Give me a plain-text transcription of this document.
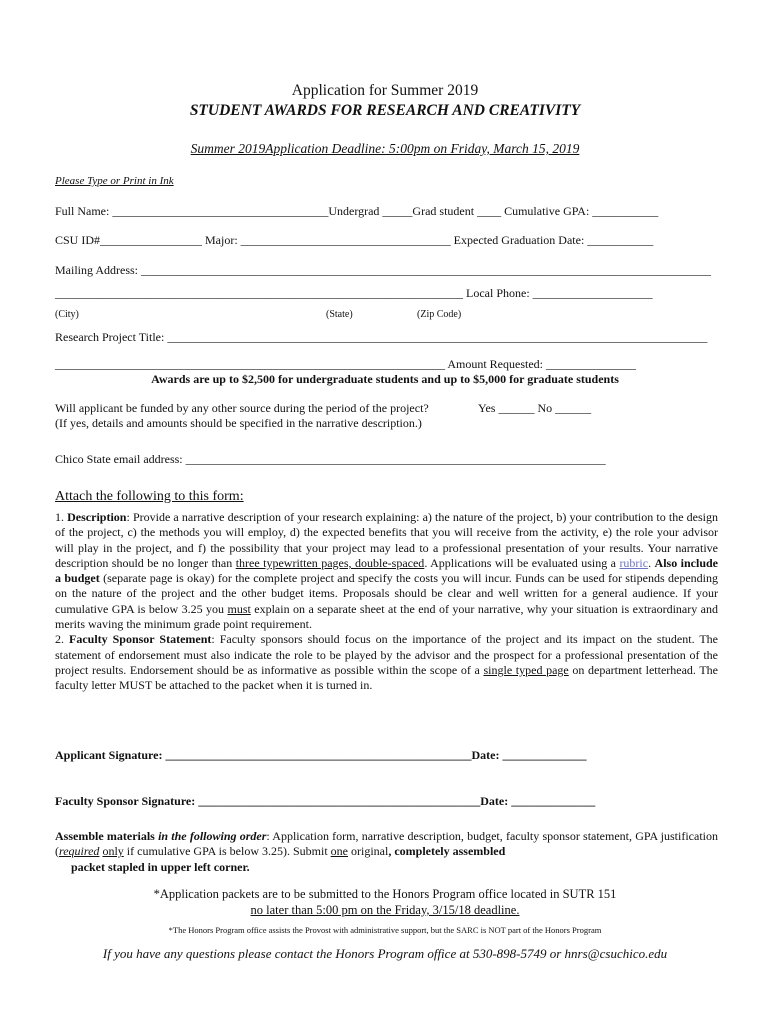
Application for Summer 2019
STUDENT AWARDS FOR RESEARCH AND CREATIVITY
Summer 2019Application Deadline: 5:00pm on Friday, March 15, 2019
Please Type or Print in Ink
Full Name: ____________________________________Undergrad _____Grad student ____ Cumulative GPA: ___________
CSU ID#_________________ Major: ___________________________________ Expected Graduation Date: ___________
Mailing Address: _______________________________________________________________________________________________
____________________________________________________________________ Local Phone: ____________________
(City)	(State)	(Zip Code)
Research Project Title: __________________________________________________________________________________________
_________________________________________________________________ Amount Requested: _______________
Awards are up to $2,500 for undergraduate students and up to $5,000 for graduate students
Will applicant be funded by any other source during the period of the project?	Yes ______ No ______
(If yes, details and amounts should be specified in the narrative description.)
Chico State email address: ______________________________________________________________________
Attach the following to this form:

1. Description: Provide a narrative description of your research explaining: a) the nature of the project, b) your contribution to the design of the project, c) the methods you will employ, d) the expected benefits that you will receive from the activity, e) the role your advisor will play in the project, and f) the possibility that your project may lead to a professional presentation of your results. Your narrative description should be no longer than three typewritten pages, double-spaced. Applications will be evaluated using a rubric. Also include a budget (separate page is okay) for the complete project and specify the costs you will incur. Funds can be used for stipends depending on the nature of the project and the other budget items. Proposals should be clear and well written for a general audience. If your cumulative GPA is below 3.25 you must explain on a separate sheet at the end of your narrative, why your situation is extraordinary and merits waving the minimum grade point requirement.

2. Faculty Sponsor Statement: Faculty sponsors should focus on the importance of the project and its impact on the student. The statement of endorsement must also indicate the role to be played by the advisor and the prospect for a professional presentation of the project results. Endorsement should be as informative as possible within the scope of a single typed page on department letterhead. The faculty letter MUST be attached to the packet when it is turned in.

Applicant Signature: ___________________________________________________Date: ______________
Faculty Sponsor Signature: _______________________________________________Date: ______________

Assemble materials in the following order: Application form, narrative description, budget, faculty sponsor statement, GPA justification (required only if cumulative GPA is below 3.25). Submit one original, completely assembled

packet stapled in upper left corner.

*Application packets are to be submitted to the Honors Program office located in SUTR 151
no later than 5:00 pm on the Friday, 3/15/18 deadline.
*The Honors Program office assists the Provost with administrative support, but the SARC is NOT part of the Honors Program
If you have any questions please contact the Honors Program office at 530-898-5749 or hnrs@csuchico.edu
